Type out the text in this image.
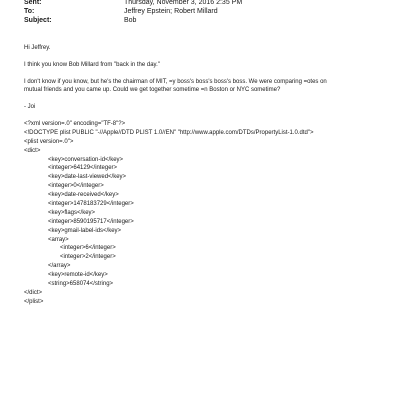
Sent:	Thursday, November 3, 2016 2:35 PM
To:	Jeffrey Epstein; Robert Millard
Subject:	Bob

Hi Jeffrey.

I think you know Bob Millard from "back in the day."

I don't know if you know, but he's the chairman of MIT, =y boss's boss's boss's boss. We were comparing =otes on

mutual friends and you came up. Could we get together sometime =n Boston or NYC sometime?

- Joi

<?xml version=.0" encoding="TF-8"?>
<!DOCTYPE plist PUBLIC "-//Apple//DTD PLIST 1.0//EN" "http://www.apple.com/DTDs/PropertyList-1.0.dtd">
<plist version=.0">
<dict>
<key>conversation-id</key>
<integer>64129</integer>
<key>date-last-viewed</key>
<integer>0</integer>
<key>date-received</key>
<integer>1478183729</integer>
<key>flags</key>
<integer>8590195717</integer>
<key>gmail-label-ids</key>
<array>
<integer>6</integer>
<integer>2</integer>
</array>
<key>remote-id</key>
<string>658074</string>
</dict>
</plist>
